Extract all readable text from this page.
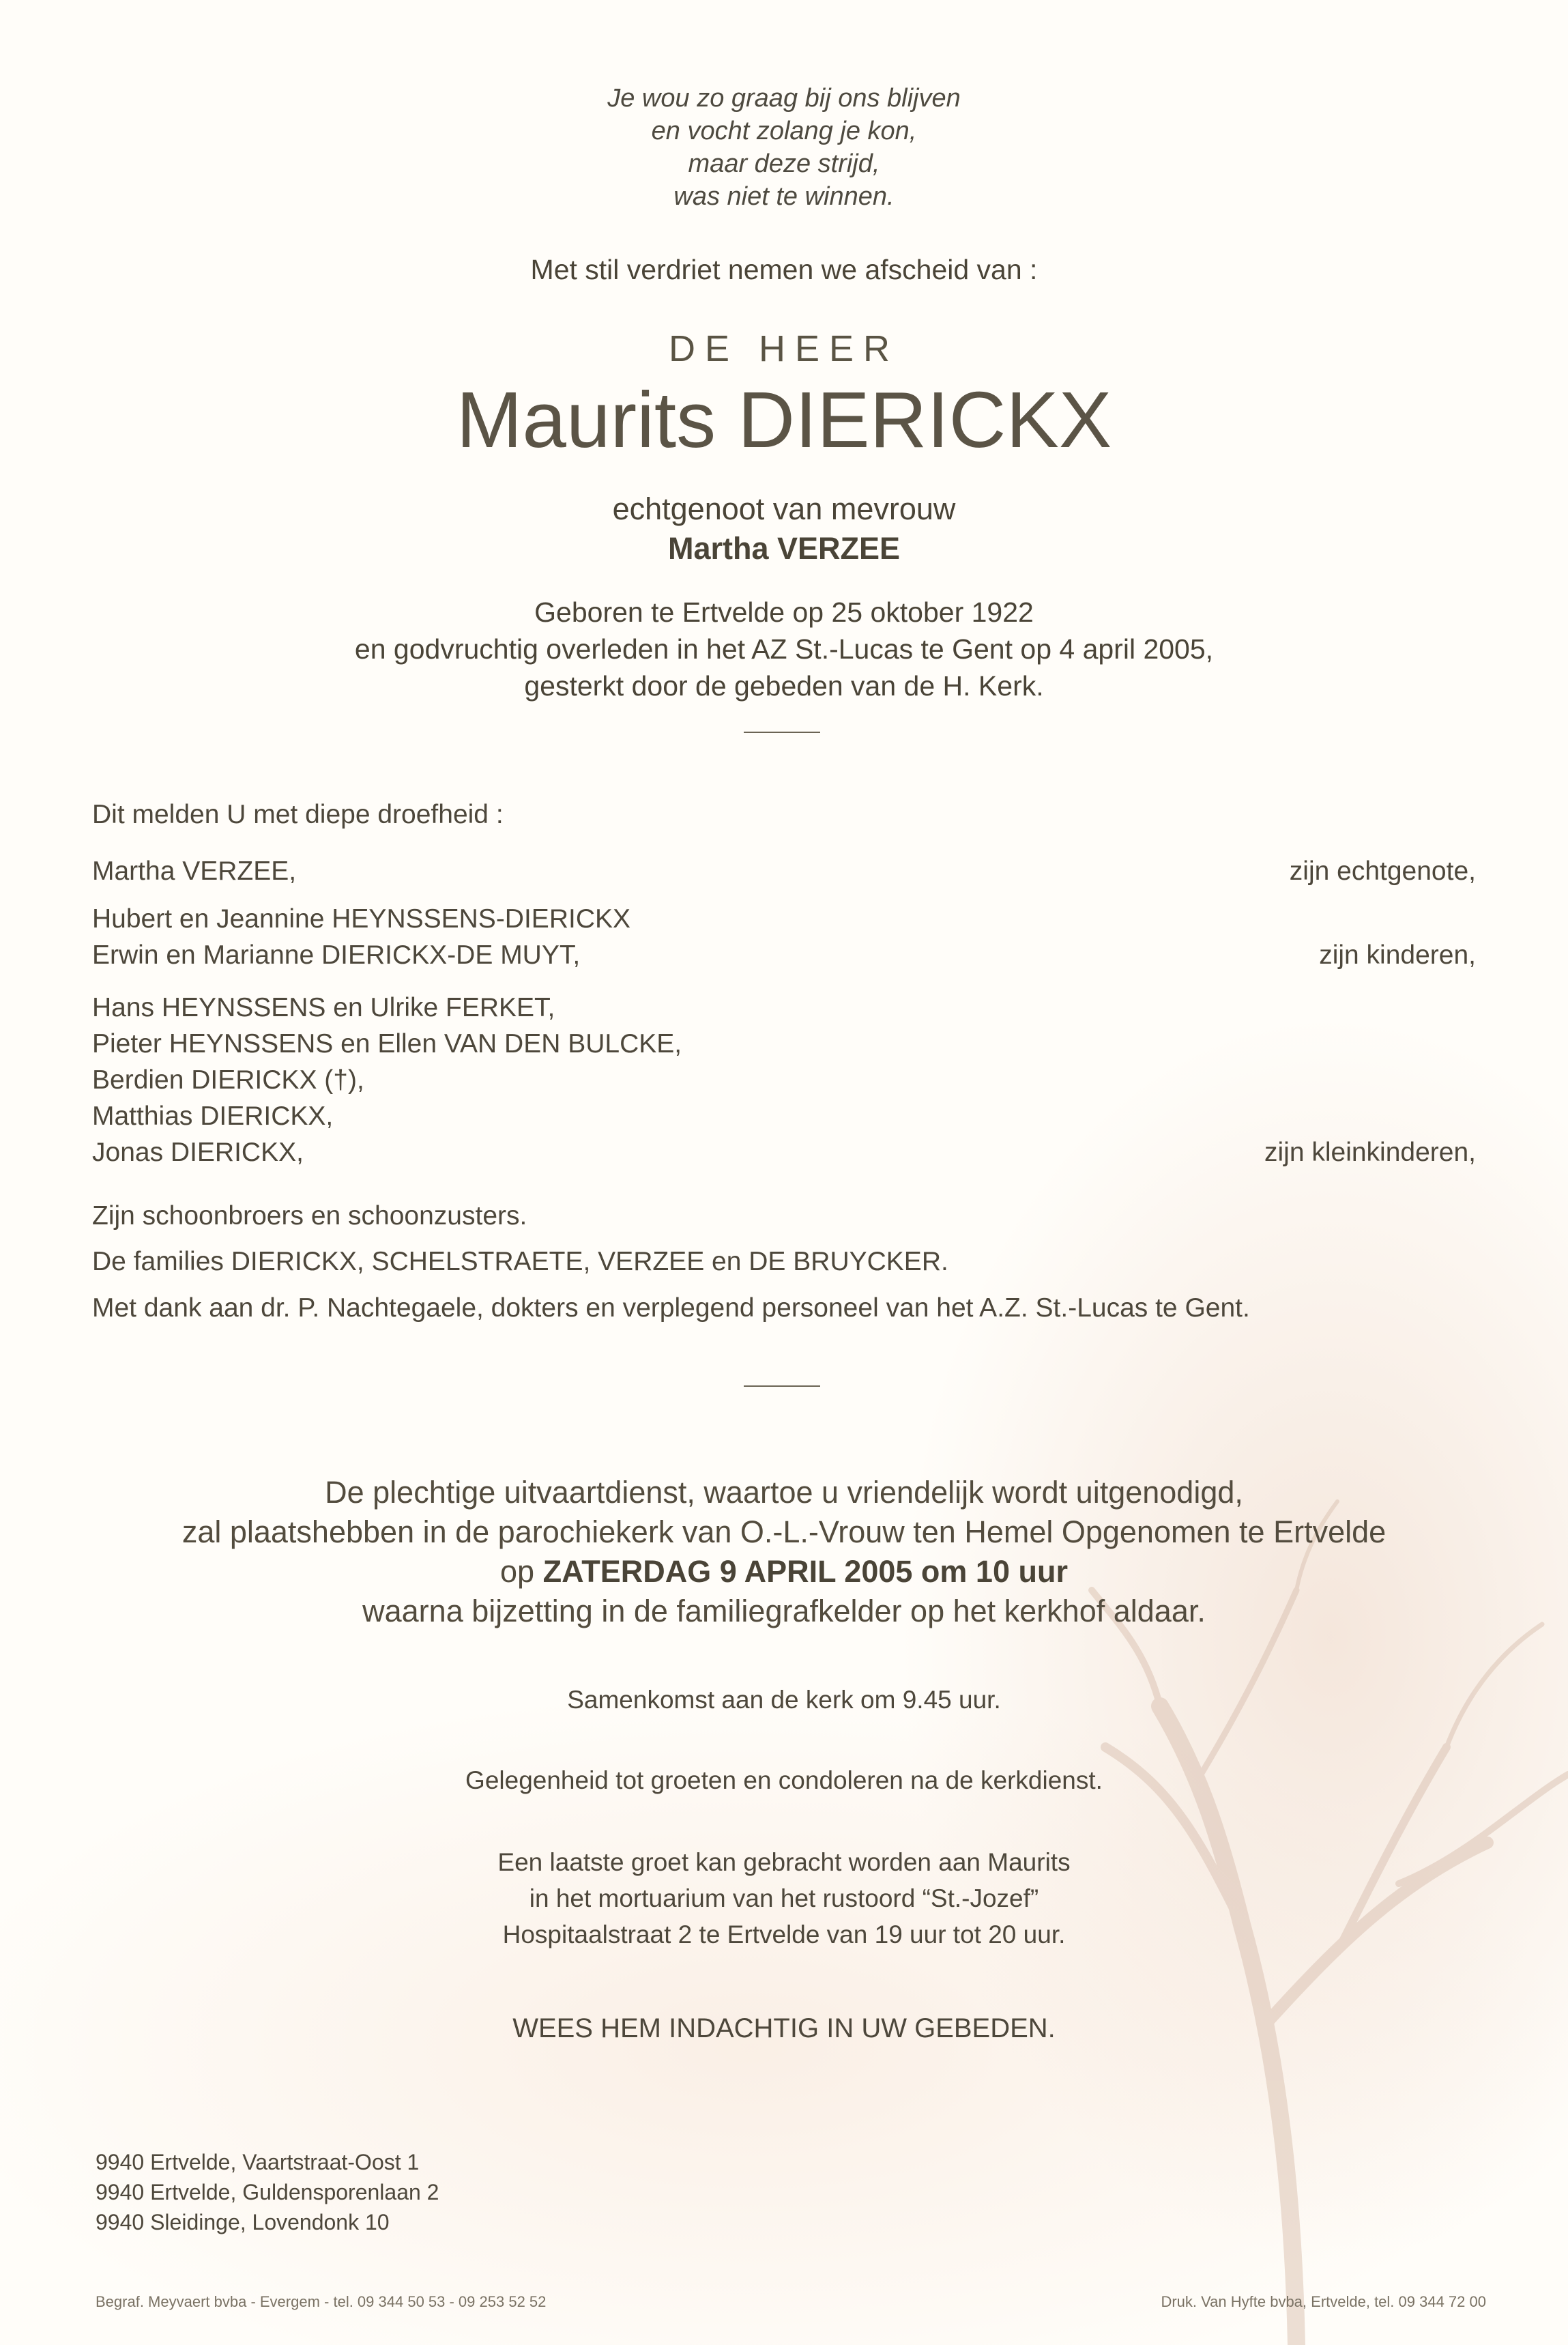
Je wou zo graag bij ons blijven
en vocht zolang je kon,
maar deze strijd,
was niet te winnen.
Met stil verdriet nemen we afscheid van :
DE HEER
Maurits DIERICKX
echtgenoot van mevrouw
Martha VERZEE
Geboren te Ertvelde op 25 oktober 1922
en godvruchtig overleden in het AZ St.-Lucas te Gent op 4 april 2005,
gesterkt door de gebeden van de H. Kerk.
Dit melden U met diepe droefheid :
Martha VERZEE,	zijn echtgenote,
Hubert en Jeannine HEYNSSENS-DIERICKX
Erwin en Marianne DIERICKX-DE MUYT,	zijn kinderen,
Hans HEYNSSENS en Ulrike FERKET,
Pieter HEYNSSENS en Ellen VAN DEN BULCKE,
Berdien DIERICKX (†),
Matthias DIERICKX,
Jonas DIERICKX,	zijn kleinkinderen,
Zijn schoonbroers en schoonzusters.
De families DIERICKX, SCHELSTRAETE, VERZEE en DE BRUYCKER.
Met dank aan dr. P. Nachtegaele, dokters en verplegend personeel van het A.Z. St.-Lucas te Gent.
De plechtige uitvaartdienst, waartoe u vriendelijk wordt uitgenodigd,
zal plaatshebben in de parochiekerk van O.-L.-Vrouw ten Hemel Opgenomen te Ertvelde
op ZATERDAG 9 APRIL 2005 om 10 uur
waarna bijzetting in de familiegrafkelder op het kerkhof aldaar.
Samenkomst aan de kerk om 9.45 uur.
Gelegenheid tot groeten en condoleren na de kerkdienst.
Een laatste groet kan gebracht worden aan Maurits
in het mortuarium van het rustoord “St.-Jozef”
Hospitaalstraat 2 te Ertvelde van 19 uur tot 20 uur.
WEES HEM INDACHTIG IN UW GEBEDEN.
9940 Ertvelde, Vaartstraat-Oost 1
9940 Ertvelde, Guldensporenlaan 2
9940 Sleidinge, Lovendonk 10
Begraf. Meyvaert bvba - Evergem - tel. 09 344 50 53 - 09 253 52 52	Druk. Van Hyfte bvba, Ertvelde, tel. 09 344 72 00
